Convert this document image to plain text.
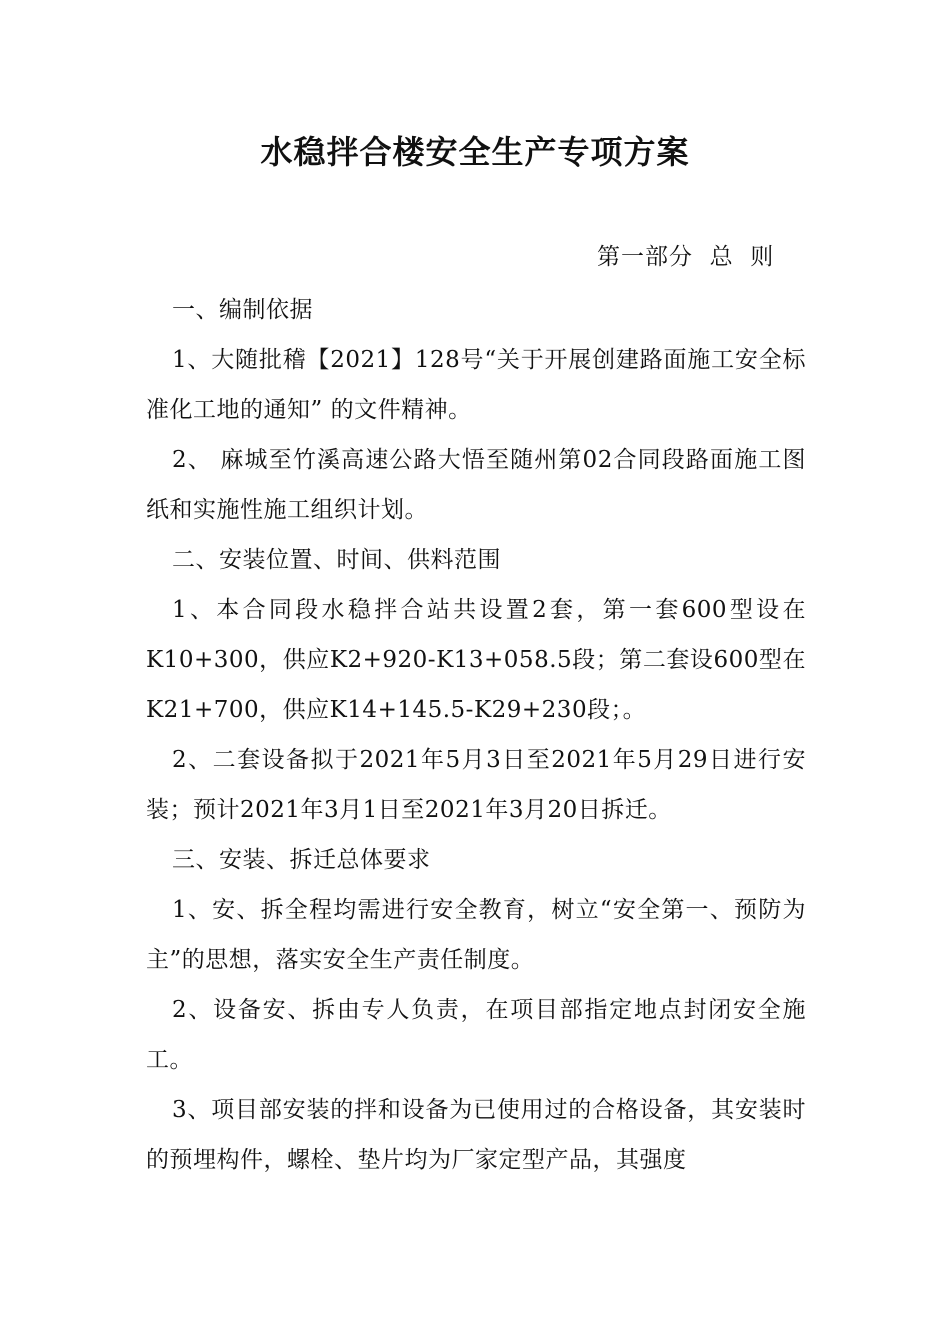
水稳拌合楼安全生产专项方案
第一部分  总  则

一、编制依据

1、大随批稽【2021】128号“关于开展创建路面施工安全标准化工地的通知” 的文件精神。

2、 麻城至竹溪高速公路大悟至随州第02合同段路面施工图纸和实施性施工组织计划。

二、安装位置、时间、供料范围

1、本合同段水稳拌合站共设置2套，第一套600型设在K10+300，供应K2+920-K13+058.5段；第二套设600型在K21+700，供应K14+145.5-K29+230段；。

2、二套设备拟于2021年5月3日至2021年5月29日进行安装；预计2021年3月1日至2021年3月20日拆迁。

三、安装、拆迁总体要求

1、安、拆全程均需进行安全教育，树立“安全第一、预防为主”的思想，落实安全生产责任制度。

2、设备安、拆由专人负责，在项目部指定地点封闭安全施工。

3、项目部安装的拌和设备为已使用过的合格设备，其安装时的预埋构件，螺栓、垫片均为厂家定型产品，其强度
